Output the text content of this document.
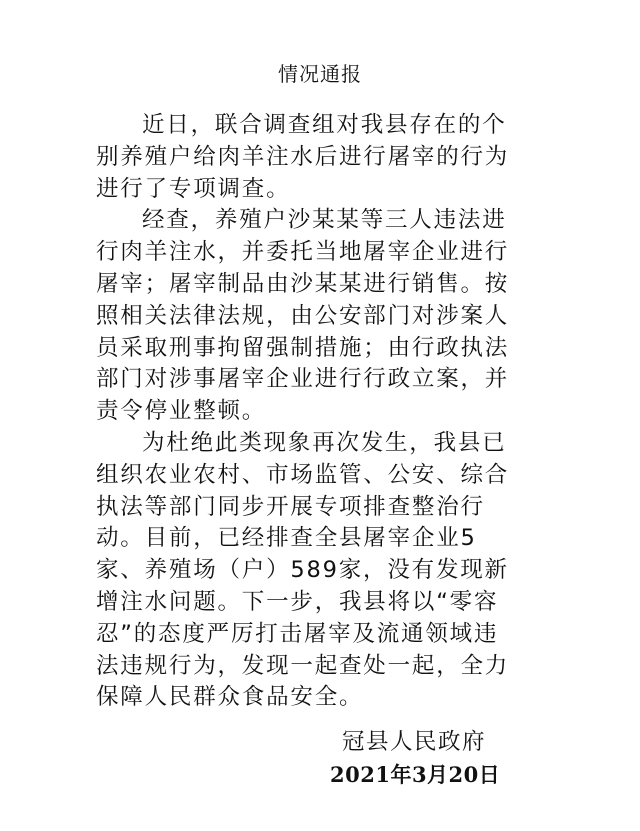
情况通报
近日，联合调查组对我县存在的个
别养殖户给肉羊注水后进行屠宰的行为
进行了专项调查。
经查，养殖户沙某某等三人违法进
行肉羊注水，并委托当地屠宰企业进行
屠宰；屠宰制品由沙某某进行销售。按
照相关法律法规，由公安部门对涉案人
员采取刑事拘留强制措施；由行政执法
部门对涉事屠宰企业进行行政立案，并
责令停业整顿。
为杜绝此类现象再次发生，我县已
组织农业农村、市场监管、公安、综合
执法等部门同步开展专项排查整治行
动。目前，已经排查全县屠宰企业5
家、养殖场（户）589家，没有发现新
增注水问题。下一步，我县将以“零容
忍”的态度严厉打击屠宰及流通领域违
法违规行为，发现一起查处一起，全力
保障人民群众食品安全。
冠县人民政府
2021年3月20日
